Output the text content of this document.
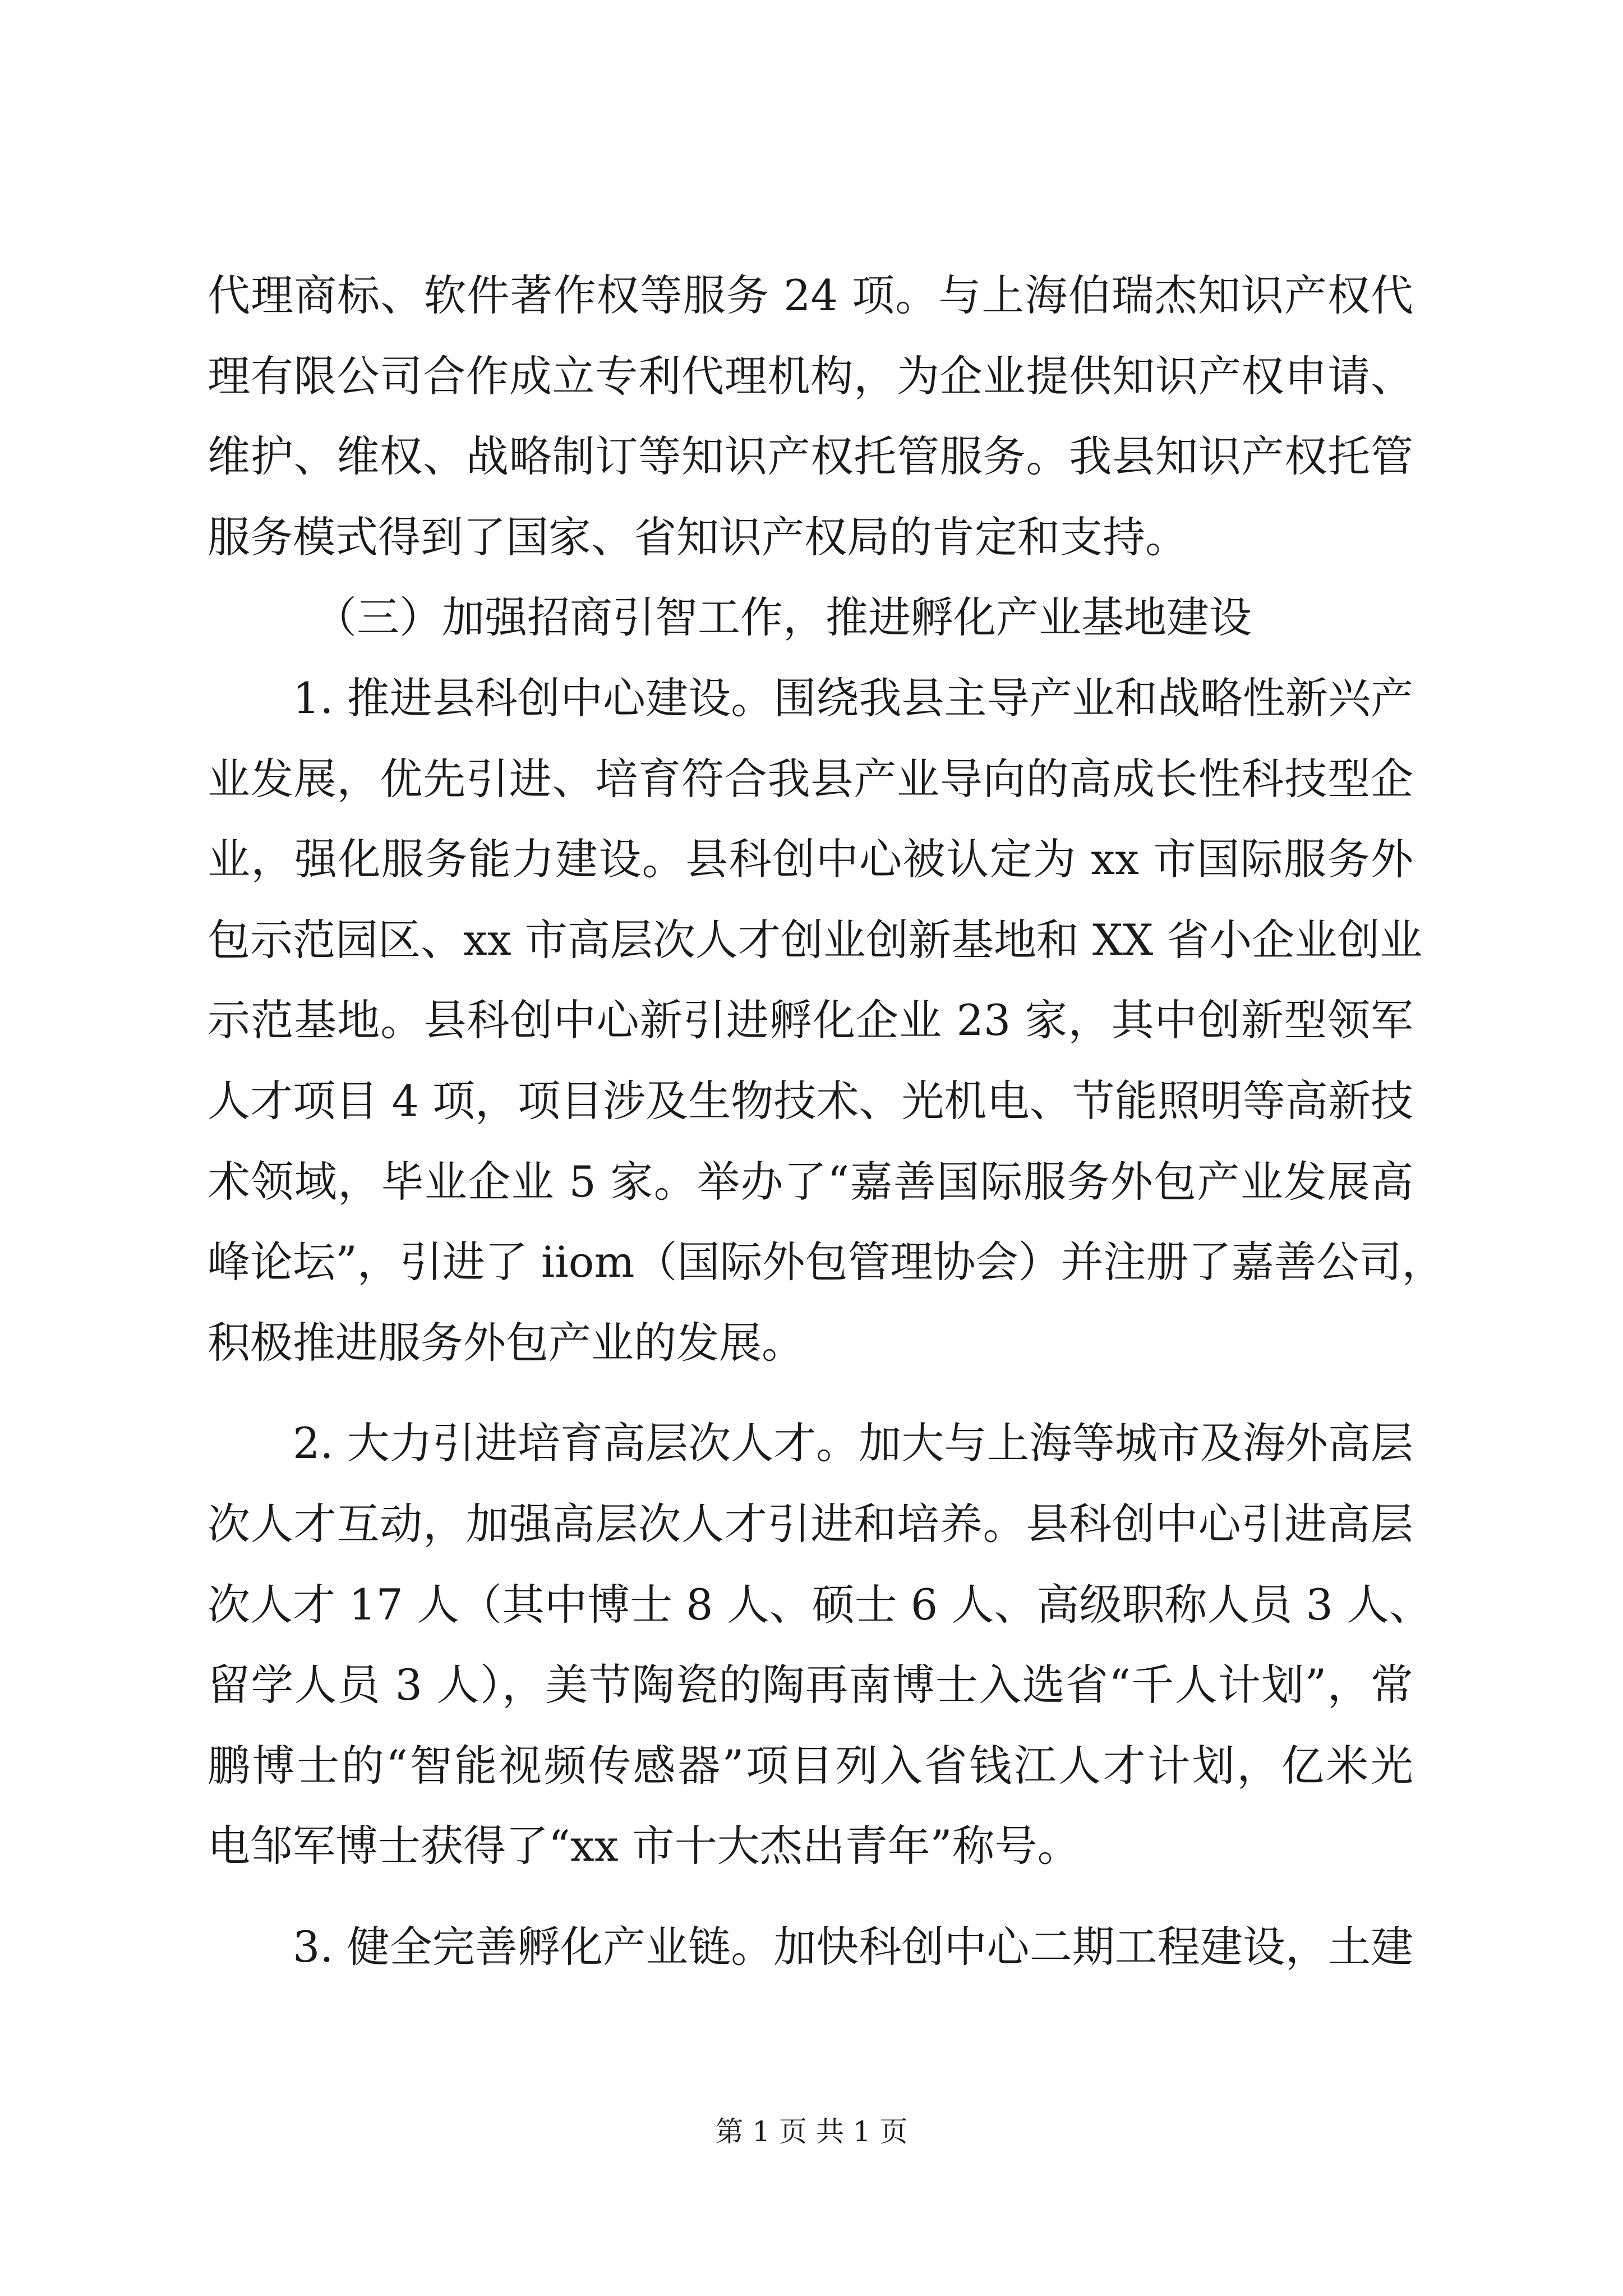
代理商标、软件著作权等服务 24 项。与上海伯瑞杰知识产权代
理有限公司合作成立专利代理机构，为企业提供知识产权申请、
维护、维权、战略制订等知识产权托管服务。我县知识产权托管
服务模式得到了国家、省知识产权局的肯定和支持。
（三）加强招商引智工作，推进孵化产业基地建设
1. 推进县科创中心建设。围绕我县主导产业和战略性新兴产
业发展，优先引进、培育符合我县产业导向的高成长性科技型企
业，强化服务能力建设。县科创中心被认定为 xx 市国际服务外
包示范园区、xx 市高层次人才创业创新基地和 XX 省小企业创业
示范基地。县科创中心新引进孵化企业 23 家，其中创新型领军
人才项目 4 项，项目涉及生物技术、光机电、节能照明等高新技
术领域，毕业企业 5 家。举办了“嘉善国际服务外包产业发展高
峰论坛”，引进了 iiom（国际外包管理协会）并注册了嘉善公司，
积极推进服务外包产业的发展。
2. 大力引进培育高层次人才。加大与上海等城市及海外高层
次人才互动，加强高层次人才引进和培养。县科创中心引进高层
次人才 17 人（其中博士 8 人、硕士 6 人、高级职称人员 3 人、
留学人员 3 人），美节陶瓷的陶再南博士入选省“千人计划”，常
鹏博士的“智能视频传感器”项目列入省钱江人才计划，亿米光
电邹军博士获得了“xx 市十大杰出青年”称号。
3. 健全完善孵化产业链。加快科创中心二期工程建设，土建
第 1 页 共 1 页
